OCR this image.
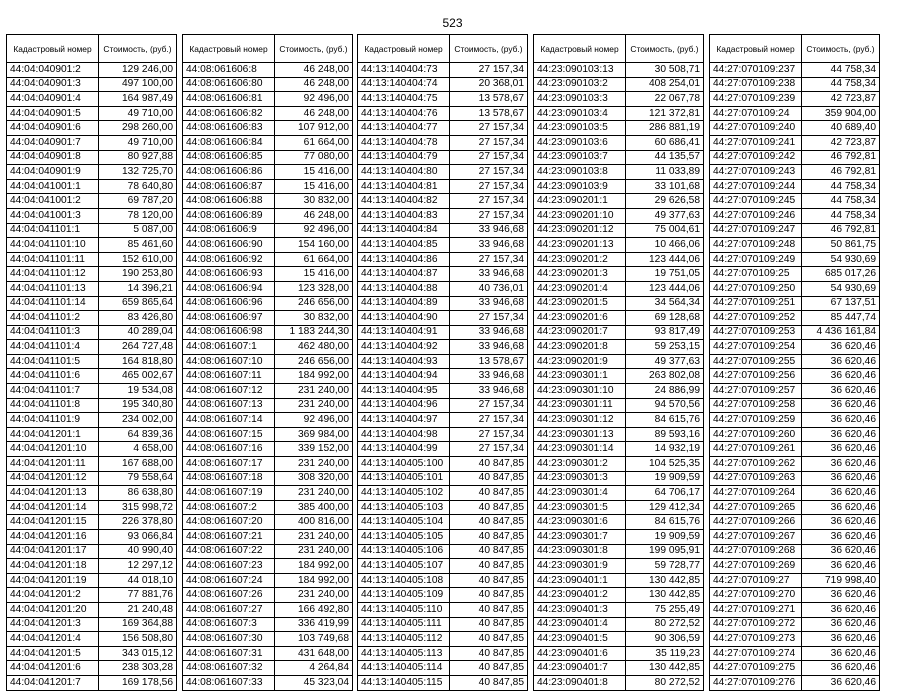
523
Кадастровый номер	Стоимость, (руб.)
44:04:040901:2	129 246,00
44:04:040901:3	497 100,00
44:04:040901:4	164 987,49
44:04:040901:5	49 710,00
44:04:040901:6	298 260,00
44:04:040901:7	49 710,00
44:04:040901:8	80 927,88
44:04:040901:9	132 725,70
44:04:041001:1	78 640,80
44:04:041001:2	69 787,20
44:04:041001:3	78 120,00
44:04:041101:1	5 087,00
44:04:041101:10	85 461,60
44:04:041101:11	152 610,00
44:04:041101:12	190 253,80
44:04:041101:13	14 396,21
44:04:041101:14	659 865,64
44:04:041101:2	83 426,80
44:04:041101:3	40 289,04
44:04:041101:4	264 727,48
44:04:041101:5	164 818,80
44:04:041101:6	465 002,67
44:04:041101:7	19 534,08
44:04:041101:8	195 340,80
44:04:041101:9	234 002,00
44:04:041201:1	64 839,36
44:04:041201:10	4 658,00
44:04:041201:11	167 688,00
44:04:041201:12	79 558,64
44:04:041201:13	86 638,80
44:04:041201:14	315 998,72
44:04:041201:15	226 378,80
44:04:041201:16	93 066,84
44:04:041201:17	40 990,40
44:04:041201:18	12 297,12
44:04:041201:19	44 018,10
44:04:041201:2	77 881,76
44:04:041201:20	21 240,48
44:04:041201:3	169 364,88
44:04:041201:4	156 508,80
44:04:041201:5	343 015,12
44:04:041201:6	238 303,28
44:04:041201:7	169 178,56
Кадастровый номер	Стоимость, (руб.)
44:08:061606:8	46 248,00
44:08:061606:80	46 248,00
44:08:061606:81	92 496,00
44:08:061606:82	46 248,00
44:08:061606:83	107 912,00
44:08:061606:84	61 664,00
44:08:061606:85	77 080,00
44:08:061606:86	15 416,00
44:08:061606:87	15 416,00
44:08:061606:88	30 832,00
44:08:061606:89	46 248,00
44:08:061606:9	92 496,00
44:08:061606:90	154 160,00
44:08:061606:92	61 664,00
44:08:061606:93	15 416,00
44:08:061606:94	123 328,00
44:08:061606:96	246 656,00
44:08:061606:97	30 832,00
44:08:061606:98	1 183 244,30
44:08:061607:1	462 480,00
44:08:061607:10	246 656,00
44:08:061607:11	184 992,00
44:08:061607:12	231 240,00
44:08:061607:13	231 240,00
44:08:061607:14	92 496,00
44:08:061607:15	369 984,00
44:08:061607:16	339 152,00
44:08:061607:17	231 240,00
44:08:061607:18	308 320,00
44:08:061607:19	231 240,00
44:08:061607:2	385 400,00
44:08:061607:20	400 816,00
44:08:061607:21	231 240,00
44:08:061607:22	231 240,00
44:08:061607:23	184 992,00
44:08:061607:24	184 992,00
44:08:061607:26	231 240,00
44:08:061607:27	166 492,80
44:08:061607:3	336 419,99
44:08:061607:30	103 749,68
44:08:061607:31	431 648,00
44:08:061607:32	4 264,84
44:08:061607:33	45 323,04
Кадастровый номер	Стоимость, (руб.)
44:13:140404:73	27 157,34
44:13:140404:74	20 368,01
44:13:140404:75	13 578,67
44:13:140404:76	13 578,67
44:13:140404:77	27 157,34
44:13:140404:78	27 157,34
44:13:140404:79	27 157,34
44:13:140404:80	27 157,34
44:13:140404:81	27 157,34
44:13:140404:82	27 157,34
44:13:140404:83	27 157,34
44:13:140404:84	33 946,68
44:13:140404:85	33 946,68
44:13:140404:86	27 157,34
44:13:140404:87	33 946,68
44:13:140404:88	40 736,01
44:13:140404:89	33 946,68
44:13:140404:90	27 157,34
44:13:140404:91	33 946,68
44:13:140404:92	33 946,68
44:13:140404:93	13 578,67
44:13:140404:94	33 946,68
44:13:140404:95	33 946,68
44:13:140404:96	27 157,34
44:13:140404:97	27 157,34
44:13:140404:98	27 157,34
44:13:140404:99	27 157,34
44:13:140405:100	40 847,85
44:13:140405:101	40 847,85
44:13:140405:102	40 847,85
44:13:140405:103	40 847,85
44:13:140405:104	40 847,85
44:13:140405:105	40 847,85
44:13:140405:106	40 847,85
44:13:140405:107	40 847,85
44:13:140405:108	40 847,85
44:13:140405:109	40 847,85
44:13:140405:110	40 847,85
44:13:140405:111	40 847,85
44:13:140405:112	40 847,85
44:13:140405:113	40 847,85
44:13:140405:114	40 847,85
44:13:140405:115	40 847,85
Кадастровый номер	Стоимость, (руб.)
44:23:090103:13	30 508,71
44:23:090103:2	408 254,01
44:23:090103:3	22 067,78
44:23:090103:4	121 372,81
44:23:090103:5	286 881,19
44:23:090103:6	60 686,41
44:23:090103:7	44 135,57
44:23:090103:8	11 033,89
44:23:090103:9	33 101,68
44:23:090201:1	29 626,58
44:23:090201:10	49 377,63
44:23:090201:12	75 004,61
44:23:090201:13	10 466,06
44:23:090201:2	123 444,06
44:23:090201:3	19 751,05
44:23:090201:4	123 444,06
44:23:090201:5	34 564,34
44:23:090201:6	69 128,68
44:23:090201:7	93 817,49
44:23:090201:8	59 253,15
44:23:090201:9	49 377,63
44:23:090301:1	263 802,08
44:23:090301:10	24 886,99
44:23:090301:11	94 570,56
44:23:090301:12	84 615,76
44:23:090301:13	89 593,16
44:23:090301:14	14 932,19
44:23:090301:2	104 525,35
44:23:090301:3	19 909,59
44:23:090301:4	64 706,17
44:23:090301:5	129 412,34
44:23:090301:6	84 615,76
44:23:090301:7	19 909,59
44:23:090301:8	199 095,91
44:23:090301:9	59 728,77
44:23:090401:1	130 442,85
44:23:090401:2	130 442,85
44:23:090401:3	75 255,49
44:23:090401:4	80 272,52
44:23:090401:5	90 306,59
44:23:090401:6	35 119,23
44:23:090401:7	130 442,85
44:23:090401:8	80 272,52
Кадастровый номер	Стоимость, (руб.)
44:27:070109:237	44 758,34
44:27:070109:238	44 758,34
44:27:070109:239	42 723,87
44:27:070109:24	359 904,00
44:27:070109:240	40 689,40
44:27:070109:241	42 723,87
44:27:070109:242	46 792,81
44:27:070109:243	46 792,81
44:27:070109:244	44 758,34
44:27:070109:245	44 758,34
44:27:070109:246	44 758,34
44:27:070109:247	46 792,81
44:27:070109:248	50 861,75
44:27:070109:249	54 930,69
44:27:070109:25	685 017,26
44:27:070109:250	54 930,69
44:27:070109:251	67 137,51
44:27:070109:252	85 447,74
44:27:070109:253	4 436 161,84
44:27:070109:254	36 620,46
44:27:070109:255	36 620,46
44:27:070109:256	36 620,46
44:27:070109:257	36 620,46
44:27:070109:258	36 620,46
44:27:070109:259	36 620,46
44:27:070109:260	36 620,46
44:27:070109:261	36 620,46
44:27:070109:262	36 620,46
44:27:070109:263	36 620,46
44:27:070109:264	36 620,46
44:27:070109:265	36 620,46
44:27:070109:266	36 620,46
44:27:070109:267	36 620,46
44:27:070109:268	36 620,46
44:27:070109:269	36 620,46
44:27:070109:27	719 998,40
44:27:070109:270	36 620,46
44:27:070109:271	36 620,46
44:27:070109:272	36 620,46
44:27:070109:273	36 620,46
44:27:070109:274	36 620,46
44:27:070109:275	36 620,46
44:27:070109:276	36 620,46
